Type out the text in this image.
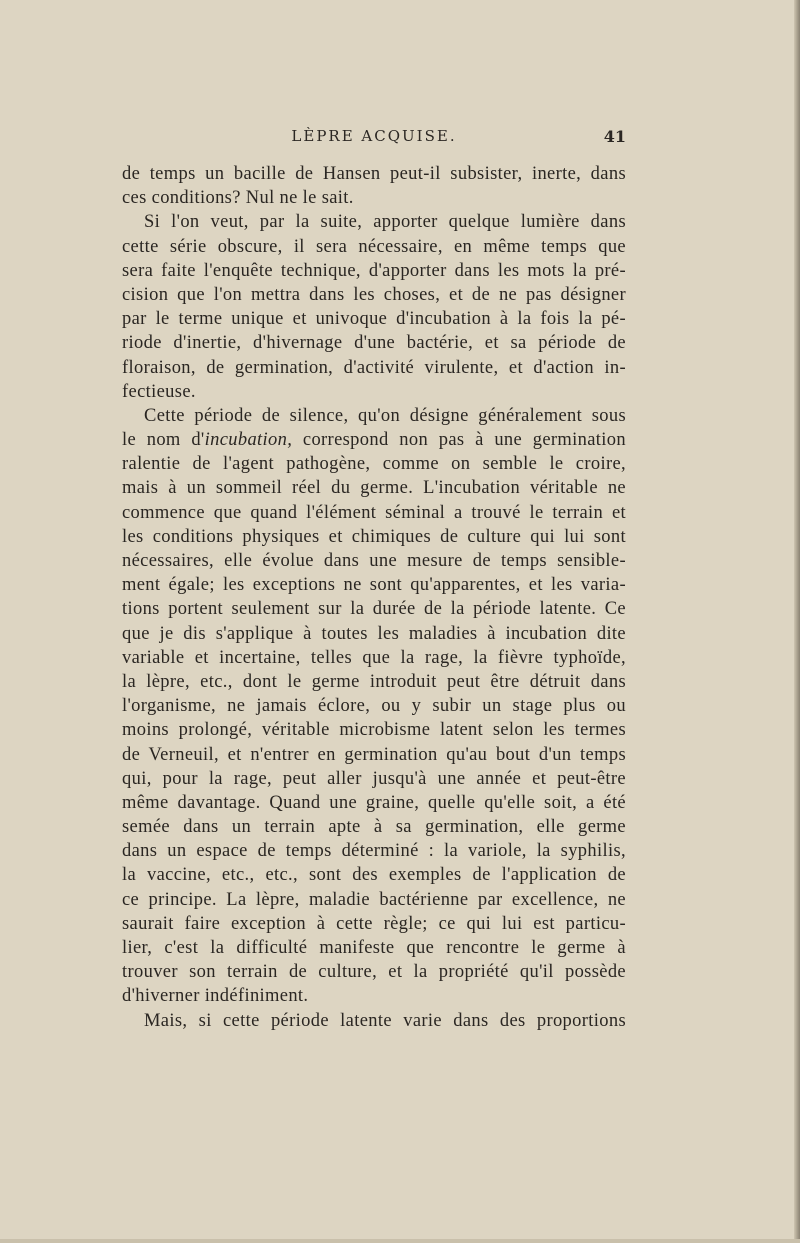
LÈPRE ACQUISE.	41
de temps un bacille de Hansen peut-il subsister, inerte, dans
ces conditions? Nul ne le sait.
Si l'on veut, par la suite, apporter quelque lumière dans
cette série obscure, il sera nécessaire, en même temps que
sera faite l'enquête technique, d'apporter dans les mots la pré-
cision que l'on mettra dans les choses, et de ne pas désigner
par le terme unique et univoque d'incubation à la fois la pé-
riode d'inertie, d'hivernage d'une bactérie, et sa période de
floraison, de germination, d'activité virulente, et d'action in-
fectieuse.
Cette période de silence, qu'on désigne généralement sous
le nom d'incubation, correspond non pas à une germination
ralentie de l'agent pathogène, comme on semble le croire,
mais à un sommeil réel du germe. L'incubation véritable ne
commence que quand l'élément séminal a trouvé le terrain et
les conditions physiques et chimiques de culture qui lui sont
nécessaires, elle évolue dans une mesure de temps sensible-
ment égale; les exceptions ne sont qu'apparentes, et les varia-
tions portent seulement sur la durée de la période latente. Ce
que je dis s'applique à toutes les maladies à incubation dite
variable et incertaine, telles que la rage, la fièvre typhoïde,
la lèpre, etc., dont le germe introduit peut être détruit dans
l'organisme, ne jamais éclore, ou y subir un stage plus ou
moins prolongé, véritable microbisme latent selon les termes
de Verneuil, et n'entrer en germination qu'au bout d'un temps
qui, pour la rage, peut aller jusqu'à une année et peut-être
même davantage. Quand une graine, quelle qu'elle soit, a été
semée dans un terrain apte à sa germination, elle germe
dans un espace de temps déterminé : la variole, la syphilis,
la vaccine, etc., etc., sont des exemples de l'application de
ce principe. La lèpre, maladie bactérienne par excellence, ne
saurait faire exception à cette règle; ce qui lui est particu-
lier, c'est la difficulté manifeste que rencontre le germe à
trouver son terrain de culture, et la propriété qu'il possède
d'hiverner indéfiniment.
Mais, si cette période latente varie dans des proportions
